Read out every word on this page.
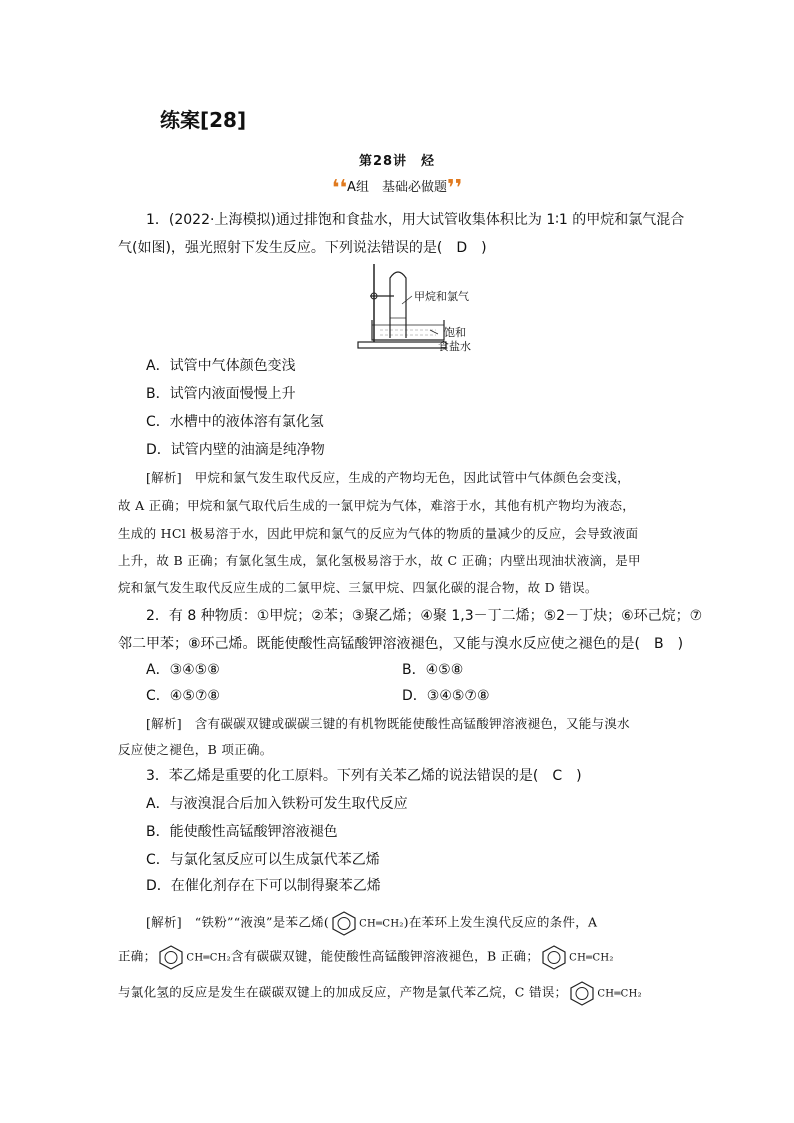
练案[28]
第28讲　烃
❛❛A组　基础必做题❜❜
1．(2022·上海模拟)通过排饱和食盐水，用大试管收集体积比为 1∶1 的甲烷和氯气混合
气(如图)，强光照射下发生反应。下列说法错误的是(　D　)
甲烷和氯气
饱和
食盐水
A．试管中气体颜色变浅
B．试管内液面慢慢上升
C．水槽中的液体溶有氯化氢
D．试管内壁的油滴是纯净物
[解析]　甲烷和氯气发生取代反应，生成的产物均无色，因此试管中气体颜色会变浅，
故 A 正确；甲烷和氯气取代后生成的一氯甲烷为气体，难溶于水，其他有机产物均为液态，
生成的 HCl 极易溶于水，因此甲烷和氯气的反应为气体的物质的量减少的反应，会导致液面
上升，故 B 正确；有氯化氢生成，氯化氢极易溶于水，故 C 正确；内壁出现油状液滴，是甲
烷和氯气发生取代反应生成的二氯甲烷、三氯甲烷、四氯化碳的混合物，故 D 错误。
2．有 8 种物质：①甲烷；②苯；③聚乙烯；④聚 1,3－丁二烯；⑤2－丁炔；⑥环己烷；⑦
邻二甲苯；⑧环己烯。既能使酸性高锰酸钾溶液褪色，又能与溴水反应使之褪色的是(　B　)
A．③④⑤⑧	B．④⑤⑧
C．④⑤⑦⑧	D．③④⑤⑦⑧
[解析]　含有碳碳双键或碳碳三键的有机物既能使酸性高锰酸钾溶液褪色，又能与溴水
反应使之褪色，B 项正确。
3．苯乙烯是重要的化工原料。下列有关苯乙烯的说法错误的是(　C　)
A．与液溴混合后加入铁粉可发生取代反应
B．能使酸性高锰酸钾溶液褪色
C．与氯化氢反应可以生成氯代苯乙烯
D．在催化剂存在下可以制得聚苯乙烯
[解析]　“铁粉”“液溴”是苯乙烯(	CH═CH₂)在苯环上发生溴代反应的条件，A
正确；	CH═CH₂含有碳碳双键，能使酸性高锰酸钾溶液褪色，B 正确；	CH═CH₂
与氯化氢的反应是发生在碳碳双键上的加成反应，产物是氯代苯乙烷，C 错误；	CH═CH₂
